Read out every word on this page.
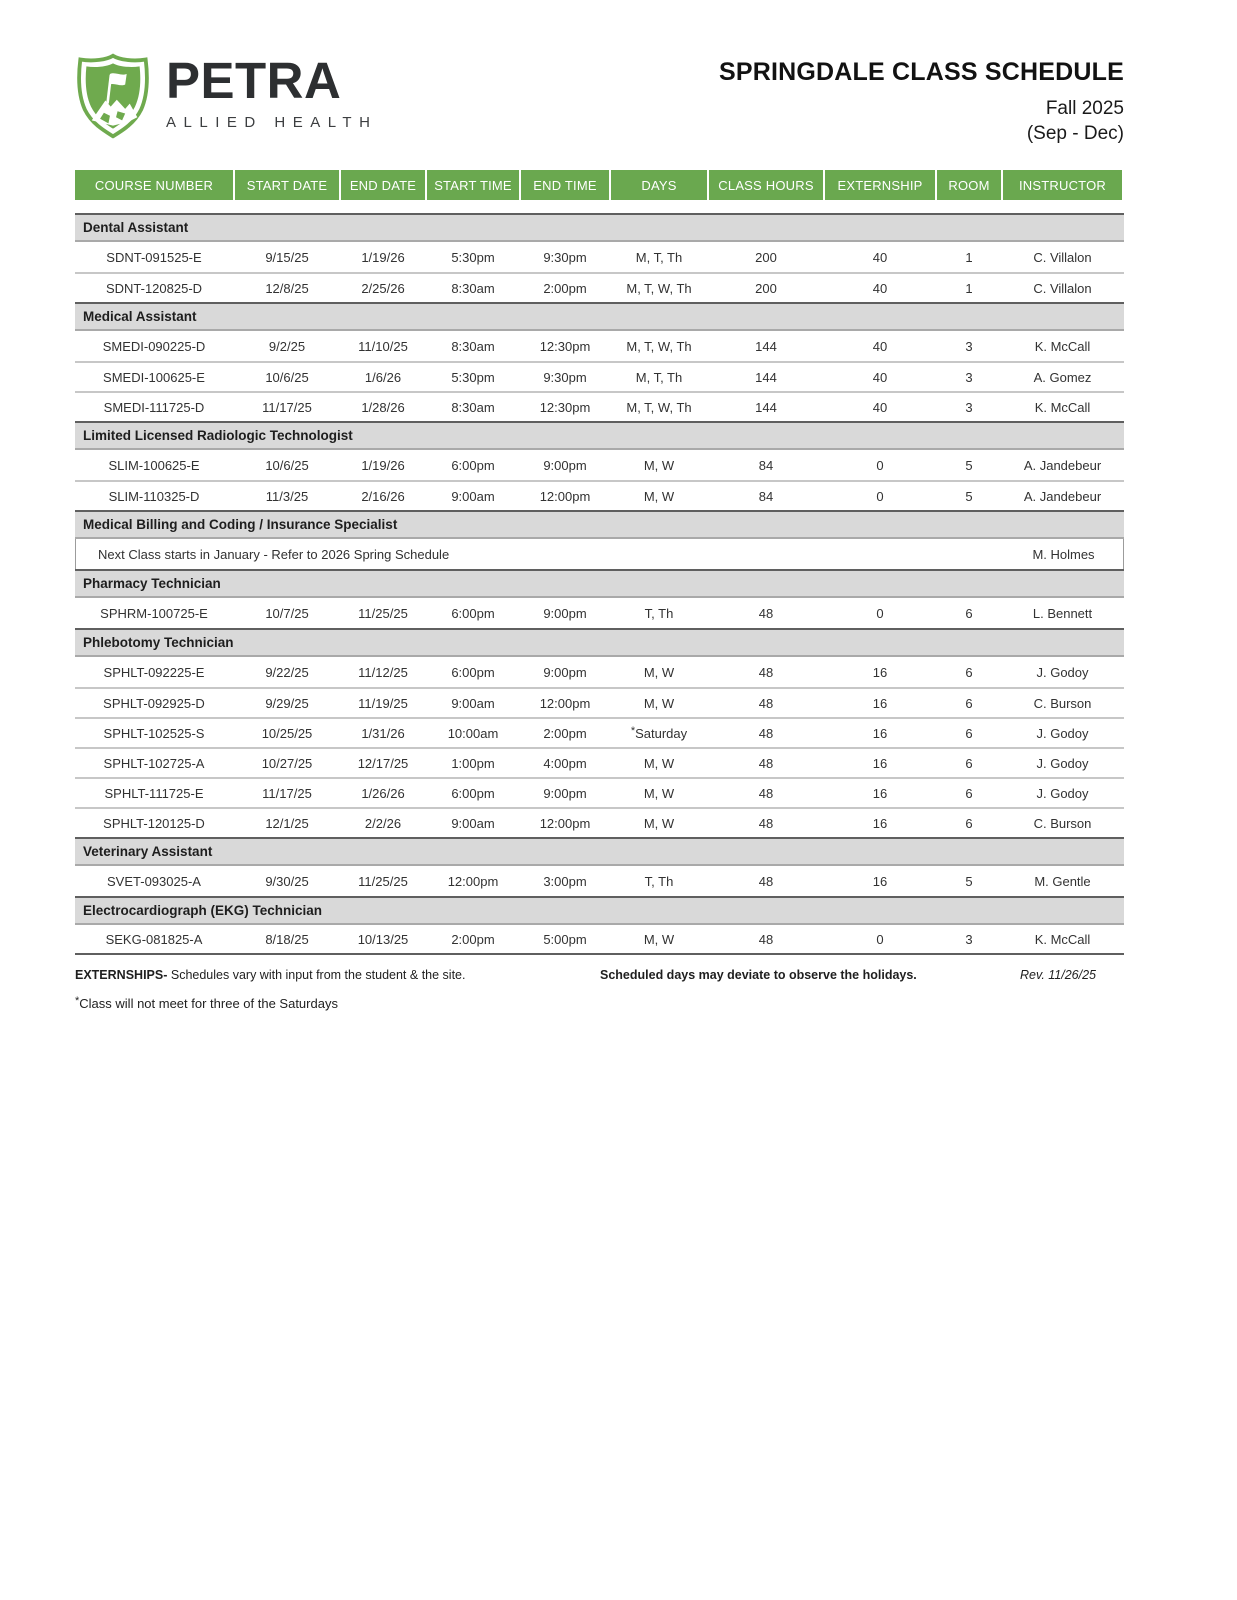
PETRA
ALLIED HEALTH
SPRINGDALE CLASS SCHEDULE
Fall 2025
(Sep - Dec)
COURSE NUMBER	START DATE	END DATE	START TIME	END TIME	DAYS	CLASS HOURS	EXTERNSHIP	ROOM	INSTRUCTOR
Dental Assistant
SDNT-091525-E	9/15/25	1/19/26	5:30pm	9:30pm	M, T, Th	200	40	1	C. Villalon
SDNT-120825-D	12/8/25	2/25/26	8:30am	2:00pm	M, T, W, Th	200	40	1	C. Villalon
Medical Assistant
SMEDI-090225-D	9/2/25	11/10/25	8:30am	12:30pm	M, T, W, Th	144	40	3	K. McCall
SMEDI-100625-E	10/6/25	1/6/26	5:30pm	9:30pm	M, T, Th	144	40	3	A. Gomez
SMEDI-111725-D	11/17/25	1/28/26	8:30am	12:30pm	M, T, W, Th	144	40	3	K. McCall
Limited Licensed Radiologic Technologist
SLIM-100625-E	10/6/25	1/19/26	6:00pm	9:00pm	M, W	84	0	5	A. Jandebeur
SLIM-110325-D	11/3/25	2/16/26	9:00am	12:00pm	M, W	84	0	5	A. Jandebeur
Medical Billing and Coding / Insurance Specialist
Next Class starts in January - Refer to 2026 Spring Schedule	M. Holmes
Pharmacy Technician
SPHRM-100725-E	10/7/25	11/25/25	6:00pm	9:00pm	T, Th	48	0	6	L. Bennett
Phlebotomy Technician
SPHLT-092225-E	9/22/25	11/12/25	6:00pm	9:00pm	M, W	48	16	6	J. Godoy
SPHLT-092925-D	9/29/25	11/19/25	9:00am	12:00pm	M, W	48	16	6	C. Burson
SPHLT-102525-S	10/25/25	1/31/26	10:00am	2:00pm	*Saturday	48	16	6	J. Godoy
SPHLT-102725-A	10/27/25	12/17/25	1:00pm	4:00pm	M, W	48	16	6	J. Godoy
SPHLT-111725-E	11/17/25	1/26/26	6:00pm	9:00pm	M, W	48	16	6	J. Godoy
SPHLT-120125-D	12/1/25	2/2/26	9:00am	12:00pm	M, W	48	16	6	C. Burson
Veterinary Assistant
SVET-093025-A	9/30/25	11/25/25	12:00pm	3:00pm	T, Th	48	16	5	M. Gentle
Electrocardiograph (EKG) Technician
SEKG-081825-A	8/18/25	10/13/25	2:00pm	5:00pm	M, W	48	0	3	K. McCall
EXTERNSHIPS- Schedules vary with input from the student & the site.	Scheduled days may deviate to observe the holidays.	Rev. 11/26/25
*Class will not meet for three of the Saturdays
